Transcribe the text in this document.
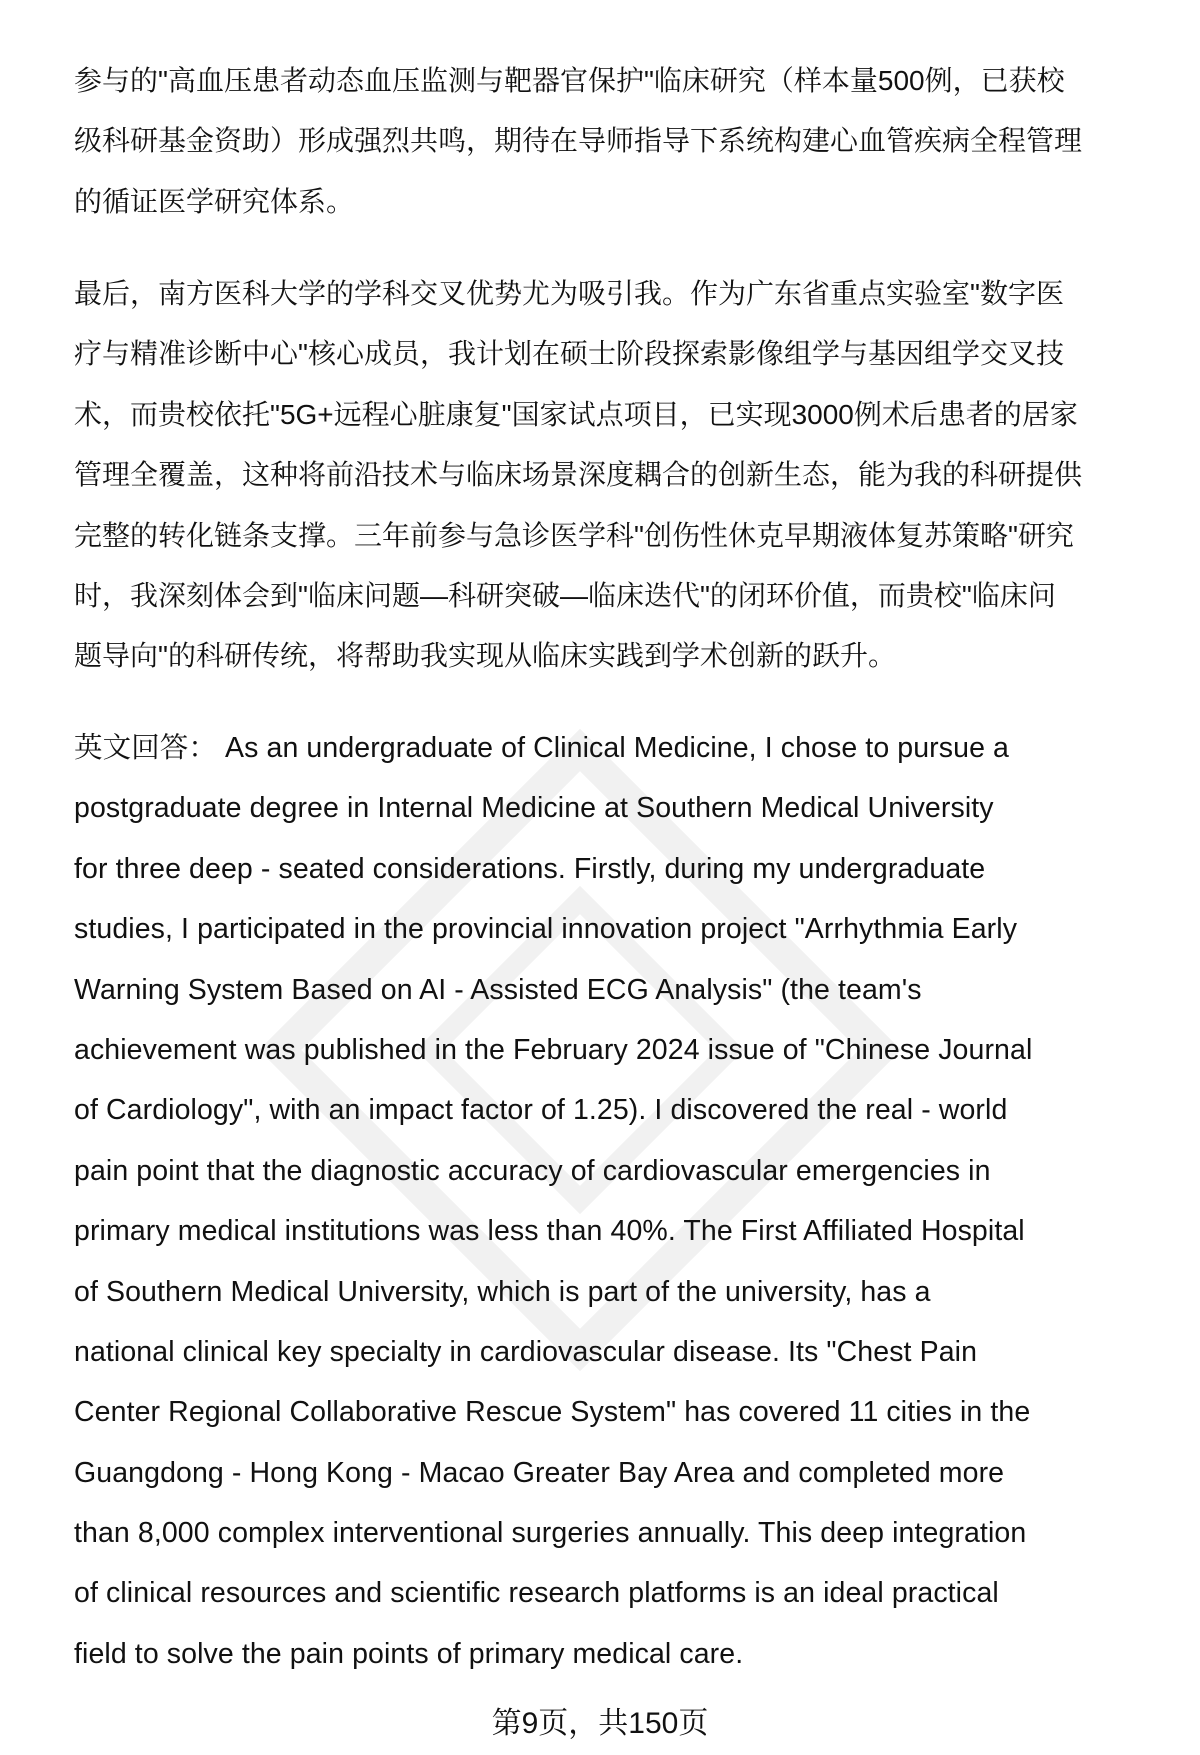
参与的"高血压患者动态血压监测与靶器官保护"临床研究（样本量500例，已获校
级科研基金资助）形成强烈共鸣，期待在导师指导下系统构建心血管疾病全程管理
的循证医学研究体系。
最后，南方医科大学的学科交叉优势尤为吸引我。作为广东省重点实验室"数字医
疗与精准诊断中心"核心成员，我计划在硕士阶段探索影像组学与基因组学交叉技
术，而贵校依托"5G+远程心脏康复"国家试点项目，已实现3000例术后患者的居家
管理全覆盖，这种将前沿技术与临床场景深度耦合的创新生态，能为我的科研提供
完整的转化链条支撑。三年前参与急诊医学科"创伤性休克早期液体复苏策略"研究
时，我深刻体会到"临床问题—科研突破—临床迭代"的闭环价值，而贵校"临床问
题导向"的科研传统，将帮助我实现从临床实践到学术创新的跃升。
英文回答： As an undergraduate of Clinical Medicine, I chose to pursue a
postgraduate degree in Internal Medicine at Southern Medical University
for three deep - seated considerations. Firstly, during my undergraduate
studies, I participated in the provincial innovation project "Arrhythmia Early
Warning System Based on AI - Assisted ECG Analysis" (the team's
achievement was published in the February 2024 issue of "Chinese Journal
of Cardiology", with an impact factor of 1.25). I discovered the real - world
pain point that the diagnostic accuracy of cardiovascular emergencies in
primary medical institutions was less than 40%. The First Affiliated Hospital
of Southern Medical University, which is part of the university, has a
national clinical key specialty in cardiovascular disease. Its "Chest Pain
Center Regional Collaborative Rescue System" has covered 11 cities in the
Guangdong - Hong Kong - Macao Greater Bay Area and completed more
than 8,000 complex interventional surgeries annually. This deep integration
of clinical resources and scientific research platforms is an ideal practical
field to solve the pain points of primary medical care.
第9页，共150页
